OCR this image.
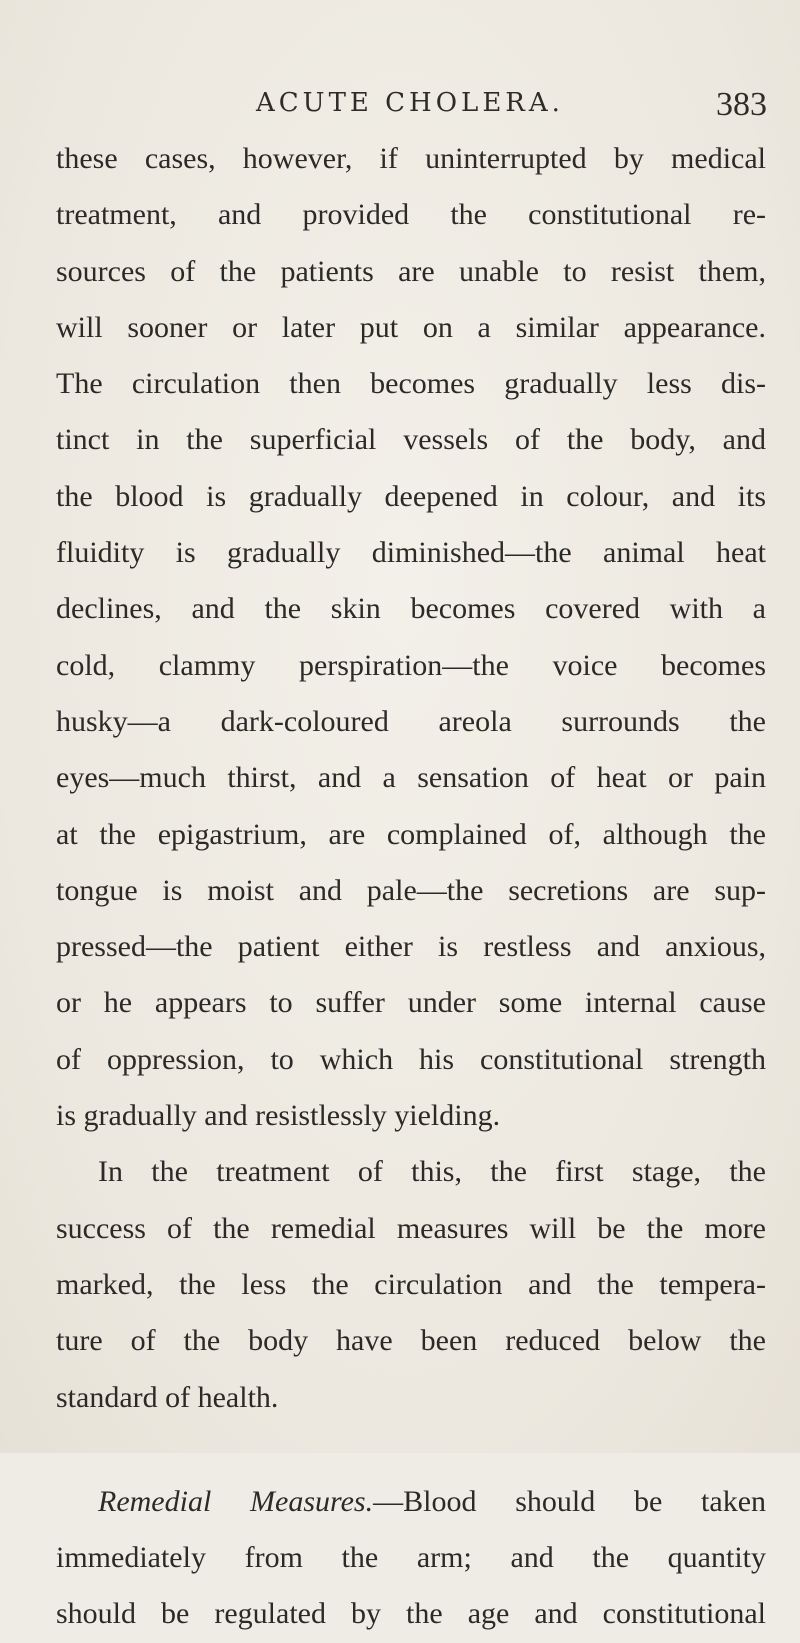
ACUTE CHOLERA.	383
these cases, however, if uninterrupted by medical
treatment, and provided the constitutional re-
sources of the patients are unable to resist them,
will sooner or later put on a similar appearance.
The circulation then becomes gradually less dis-
tinct in the superficial vessels of the body, and
the blood is gradually deepened in colour, and its
fluidity is gradually diminished—the animal heat
declines, and the skin becomes covered with a
cold, clammy perspiration—the voice becomes
husky—a dark-coloured areola surrounds the
eyes—much thirst, and a sensation of heat or pain
at the epigastrium, are complained of, although the
tongue is moist and pale—the secretions are sup-
pressed—the patient either is restless and anxious,
or he appears to suffer under some internal cause
of oppression, to which his constitutional strength
is gradually and resistlessly yielding.
In the treatment of this, the first stage, the
success of the remedial measures will be the more
marked, the less the circulation and the tempera-
ture of the body have been reduced below the
standard of health.
Remedial Measures.—Blood should be taken
immediately from the arm; and the quantity
should be regulated by the age and constitutional
